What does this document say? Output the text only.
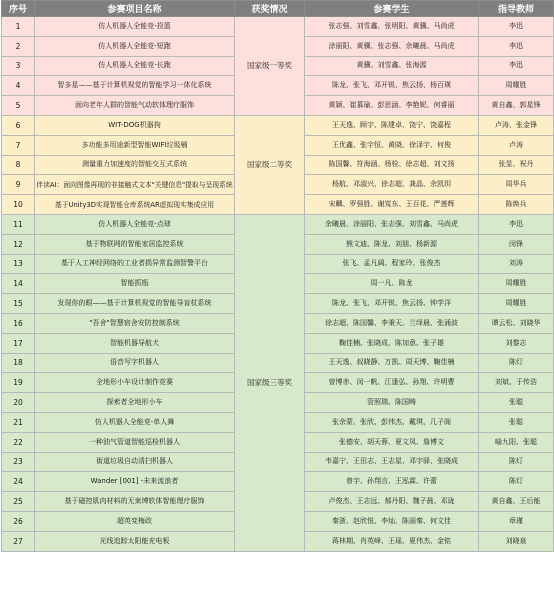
序号	参赛项目名称	获奖情况	参赛学生	指导教师
1	仿人机器人全能竞-投篮	国家级一等奖	张志强、刘雪鑫、张明阳、黄骥、马尚虎	李迅
2	仿人机器人全能竞-短跑		涂丽阳、黄骥、张志强、余曦晨、马尚虎	李迅
3	仿人机器人全能竞-长跑		黄骥、刘雪鑫、张海源	李迅
4	智多星——基于计算机视觉的智能学习一体化系统		陈龙、张飞、邓开锐、焦云扬、杨百瑛	周耀胜
5	面向老年人群的智能气动软体理疗服饰		黄颖、崔慕瑜、彭思涵、李艳妮、何睿丽	黄自鑫、郭星锋
6	WIT-DOG机器狗	国家级二等奖	王天逸、顾宇、陈建卓、饶宁、饶嘉程	卢涛、张金锋
7	多功能多用途新型智能WIFI垃圾桶		王优鑫、张宇恒、黄晓、徐泽宇、何俊	卢涛
8	测量重力加速度的智能交互式系统		陈国馨、符海涵、杨栓、徐志超、刘文扬	张显、祝丹
9	伴读AI：面向图像再现的非接触式文本"关键信息"提取与呈现系统		杨航、邓淑兴、徐志超、龚晶、余凯玥	周华兵
10	基于Unity3D实现智能仓库系统AR虚拟现实集成应用		宋麟、罗强胜、谢岌东、王百花、严莲辉	陈焕兵
11	仿人机器人全能竞-点球	国家级三等奖	余曦晨、涂丽阳、张志强、刘雪鑫、马尚虎	李迅
12	基于物联网的智能家居监控系统		熊文迪、陈龙、刘朋、杨新源	闵锋
13	基于人工神经网络的工业者损异常监测智警平台		张飞、孟凡阔、程家玲、张俊杰	刘涛
14	智能抓瓶		周一凡、陈龙	周耀胜
15	发现你的眼——基于计算机视觉的智能导盲杖系统		陈龙、张飞、邓开锐、焦云扬、钟学洋	周耀胜
16	"吾舍"智慧宿舍安防控制系统		徐志超、陈国馨、李秉天、兰绎晨、张涌波	谭云松、刘晓华
17	智能机器导航犬		鞠佳楠、张晓成、陈加意、张子雄	刘黎志
18	语音写字机器人		王天逸、叔晓静、万凯、周天博、鞠佳楠	陈灯
19	全地形小车设计制作竞赛		曾博赤、闵一帆、江逢弘、孙翔、许明曹	刘斌、于传浩
20	探索者全地形小车		管照瑞、陈国畴	张聪
21	仿人机器人全能竞-单人舞		张余蒙、张欣、彭伟杰、戴琪、几子阁	张聪
22	一种油气管道智能巡检机器人		张德安、胡天蓉、夏文凤、詹博文	喻九阳、张聪
23	街道垃圾自动清扫机器人		韦嘉宁、王田志、王志星、邓宇驿、张晓成	陈灯
24	Wander [001] -未来流浪者		曾宇、孙翔言、王泓霖、许蕾	陈灯
25	基于磁控肌肉材料的无束缚软体智能理疗服饰		卢俊杰、王志远、郝丹阳、魏子晨、邓珑	黄自鑫、王后能
26	超英变梅政		秦浙、赵欣悦、李灿、陈丽秦、何文佳	章瑾
27	光线追踪太阳能充电板		蒋林期、肖英峰、王瑶、夏伟杰、金铭	刘晓泉
